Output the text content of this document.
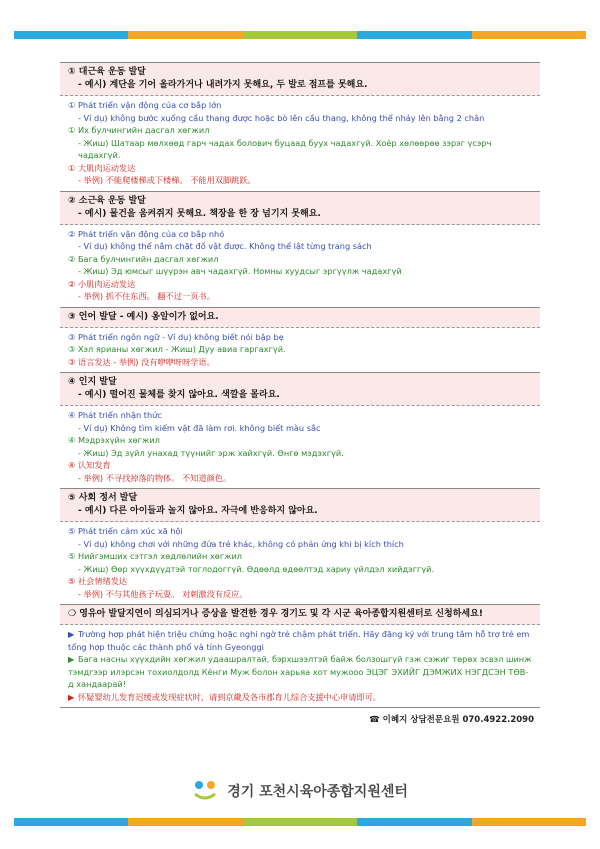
① 대근육 운동 발달
- 예시) 계단을 기어 올라가거나 내려가지 못해요, 두 발로 점프를 못해요.
① Phát triển vận động của cơ bắp lớn
- Ví dụ) không bước xuống cầu thang được hoặc bò lên cầu thang, không thể nhảy lên bằng 2 chân
① Их булчингийн дасгал хөгжил
- Жиш) Шатаар мөлхөөд гарч чадах болович буцаад буух чадахгүй. Хоёр хөлөөрөө зэрэг үсэрч чадахгүй.
① 大肌肉运动发达
- 举例) 不能爬楼梯或下楼梯。 不能用双脚跳跃。
② 소근육 운동 발달
- 예시) 물건을 움켜쥐지 못해요. 책장을 한 장 넘기지 못해요.
② Phát triển vận động của cơ bắp nhỏ
- Ví dụ) không thể nắm chặt đồ vật được. Không thể lật từng trang sách
② Бага булчингийн дасгал хөгжил
- Жиш) Эд юмсыг шүүрэн авч чадахгүй. Номны хуудсыг эргүүлж чадахгүй
② 小肌肉运动发达
- 举例) 抓不住东西。 翻不过一页书。
③ 언어 발달 - 예시) 옹알이가 없어요.
③ Phát triển ngôn ngữ - Ví dụ) không biết nói bập bẹ
③ Хэл ярианы хөгжил - Жиш) Дуу авиа гаргахгүй.
③ 语言发达 - 举例) 没有咿咿呀呀学语。
④ 인지 발달
- 예시) 떨어진 물체를 찾지 않아요. 색깔을 몰라요.
④ Phát triển nhận thức
- Ví dụ) Không tìm kiếm vật đã làm rơi. không biết màu sắc
④ Мэдрэхүйн хөгжил
- Жиш) Эд зүйл унахад түүнийг эрж хайхгүй. Өнгө мэдэхгүй.
④ 认知发育
- 举例) 不寻找掉落的物体。 不知道颜色。
⑤ 사회 정서 발달
- 예시) 다른 아이들과 놀지 않아요. 자극에 반응하지 않아요.
⑤ Phát triển cảm xúc xã hội
- Ví dụ) không chơi với những đứa trẻ khác, không có phản ứng khi bị kích thích
⑤ Нийгэмших сэтгэл хөдлөлийн хөгжил
- Жиш) Өөр хүүхдүүдтэй тоглодоггүй. Өдөөлд өдөөлтэд хариу үйлдэл хийдэггүй.
⑤ 社会情绪发达
- 举例) 不与其他孩子玩耍。 对刺激没有反应。
❍ 영유아 발달지연이 의심되거나 증상을 발견한 경우 경기도 및 각 시군 육아종합지원센터로 신청하세요!
▶ Trường hợp phát hiện triệu chứng hoặc nghi ngờ trẻ chậm phát triển. Hãy đăng ký với trung tâm hỗ trợ trẻ em tổng hợp thuộc các thành phố và tỉnh Gyeonggi
▶ Бага насны хүүхдийн хөгжил удаашралтай, бэрхшээлтэй байж болзошгүй гэж сэжиг төрөх эсвэл шинж тэмдгээр илэрсэн тохиолдолд Кёнги Муж болон харьяа хот мужооо ЭЦЭГ ЭХИЙГ ДЭМЖИХ НЭГДСЭН ТӨВ-д хандаарай!
▶ 怀疑婴幼儿发育迟缓或发现症状时，请到京畿及各市郡育儿综合支援中心申请即可。
☎ 이혜지 상담전문요원 070.4922.2090
경기 포천시육아종합지원센터
